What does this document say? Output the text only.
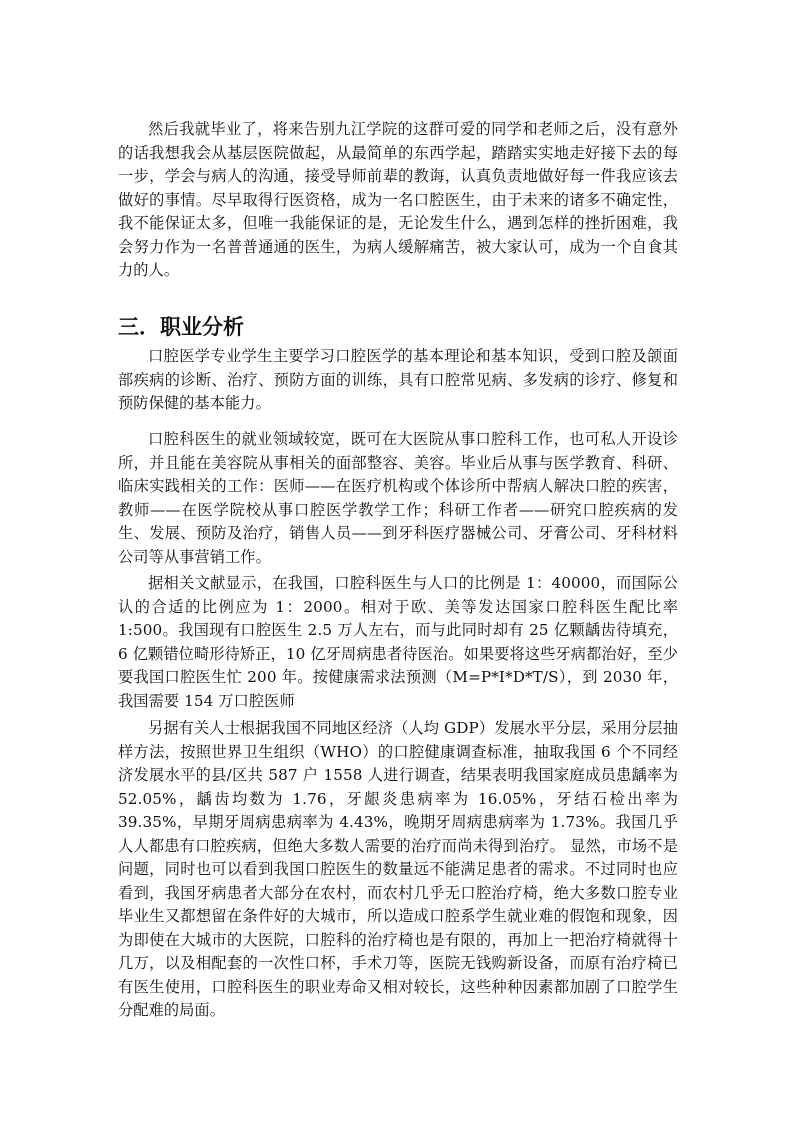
然后我就毕业了，将来告别九江学院的这群可爱的同学和老师之后，没有意外的话我想我会从基层医院做起，从最简单的东西学起，踏踏实实地走好接下去的每一步，学会与病人的沟通，接受导师前辈的教诲，认真负责地做好每一件我应该去做好的事情。尽早取得行医资格，成为一名口腔医生，由于未来的诸多不确定性，我不能保证太多，但唯一我能保证的是，无论发生什么，遇到怎样的挫折困难，我会努力作为一名普普通通的医生，为病人缓解痛苦，被大家认可，成为一个自食其力的人。

三．职业分析

口腔医学专业学生主要学习口腔医学的基本理论和基本知识，受到口腔及颌面部疾病的诊断、治疗、预防方面的训练，具有口腔常见病、多发病的诊疗、修复和预防保健的基本能力。

口腔科医生的就业领域较宽，既可在大医院从事口腔科工作，也可私人开设诊所，并且能在美容院从事相关的面部整容、美容。毕业后从事与医学教育、科研、临床实践相关的工作：医师——在医疗机构或个体诊所中帮病人解决口腔的疾害，教师——在医学院校从事口腔医学教学工作；科研工作者——研究口腔疾病的发生、发展、预防及治疗，销售人员——到牙科医疗器械公司、牙膏公司、牙科材料公司等从事营销工作。

据相关文献显示，在我国，口腔科医生与人口的比例是 1：40000，而国际公认的合适的比例应为 1：2000。相对于欧、美等发达国家口腔科医生配比率 1:500。我国现有口腔医生 2.5 万人左右，而与此同时却有 25 亿颗龋齿待填充，6 亿颗错位畸形待矫正，10 亿牙周病患者待医治。如果要将这些牙病都治好，至少要我国口腔医生忙 200 年。按健康需求法预测（M=P*I*D*T/S），到 2030 年，我国需要 154 万口腔医师

另据有关人士根据我国不同地区经济（人均 GDP）发展水平分层，采用分层抽样方法，按照世界卫生组织（WHO）的口腔健康调查标准，抽取我国 6 个不同经济发展水平的县/区共 587 户 1558 人进行调查，结果表明我国家庭成员患龋率为 52.05%，龋齿均数为 1.76，牙龈炎患病率为 16.05%，牙结石检出率为 39.35%，早期牙周病患病率为 4.43%，晚期牙周病患病率为 1.73%。我国几乎人人都患有口腔疾病，但绝大多数人需要的治疗而尚未得到治疗。 显然，市场不是问题，同时也可以看到我国口腔医生的数量远不能满足患者的需求。不过同时也应看到，我国牙病患者大部分在农村，而农村几乎无口腔治疗椅，绝大多数口腔专业毕业生又都想留在条件好的大城市，所以造成口腔系学生就业难的假饱和现象，因为即使在大城市的大医院，口腔科的治疗椅也是有限的，再加上一把治疗椅就得十几万，以及相配套的一次性口杯，手术刀等，医院无钱购新设备，而原有治疗椅已有医生使用，口腔科医生的职业寿命又相对较长，这些种种因素都加剧了口腔学生分配难的局面。
